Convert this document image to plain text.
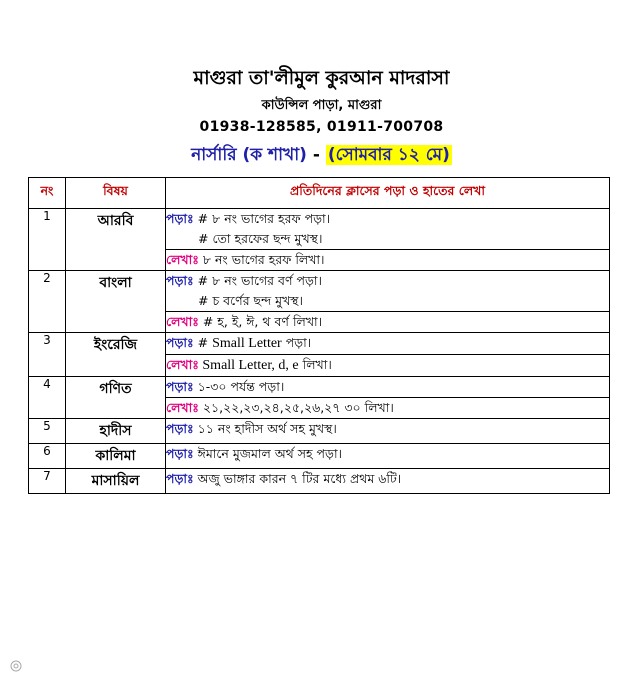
মাগুরা তা'লীমুল কুরআন মাদরাসা
কাউন্সিল পাড়া, মাগুরা
01938-128585, 01911-700708
নার্সারি (ক শাখা) - (সোমবার ১২ মে)
নং	বিষয়	প্রতিদিনের ক্লাসের পড়া ও হাতের লেখা
1	আরবি	পড়াঃ # ৮ নং ভাগের হরফ পড়া।
# তো হরফের ছন্দ মুখস্থ।

		লেখাঃ ৮ নং ভাগের হরফ লিখা।
2	বাংলা	পড়াঃ # ৮ নং ভাগের বর্ণ পড়া।
# চ বর্ণের ছন্দ মুখস্থ।

		লেখাঃ # হ, ই, ঈ, থ বর্ণ লিখা।
3	ইংরেজি	পড়াঃ # Small Letter পড়া।
		লেখাঃ Small Letter, d, e লিখা।
4	গণিত	পড়াঃ ১-৩০ পর্যন্ত পড়া।
		লেখাঃ ২১,২২,২৩,২৪,২৫,২৬,২৭ ৩০ লিখা।
5	হাদীস	পড়াঃ ১১ নং হাদীস অর্থ সহ মুখস্থ।
6	কালিমা	পড়াঃ ঈমানে মুজমাল অর্থ সহ পড়া।
7	মাসায়িল	পড়াঃ অজু ভাঙ্গার কারন ৭ টির মধ্যে প্রথম ৬টি।
